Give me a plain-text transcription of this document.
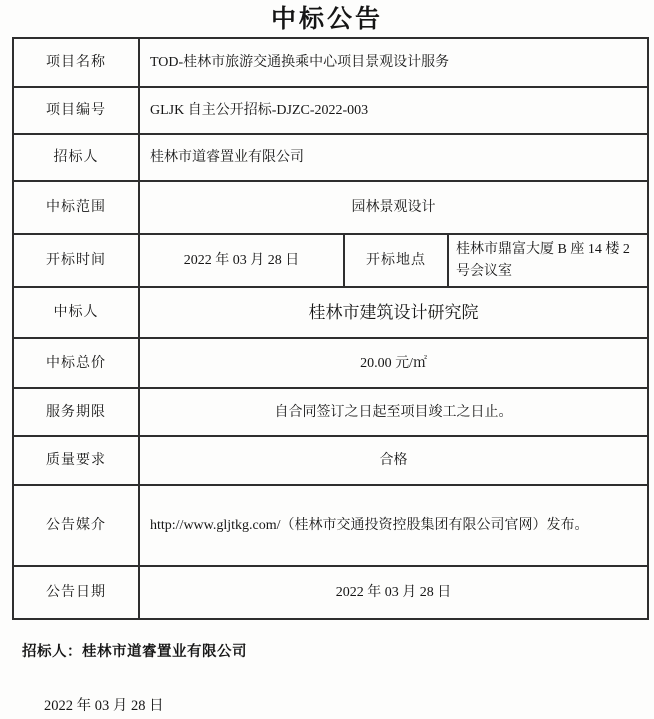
中标公告
项目名称	TOD-桂林市旅游交通换乘中心项目景观设计服务		
项目编号	GLJK 自主公开招标-DJZC-2022-003		
招标人	桂林市道睿置业有限公司		
中标范围	园林景观设计		
开标时间	2022 年 03 月 28 日	开标地点	桂林市鼎富大厦 B 座 14 楼 2 号会议室
中标人	桂林市建筑设计研究院		
中标总价	20.00 元/㎡		
服务期限	自合同签订之日起至项目竣工之日止。		
质量要求	合格		
公告媒介	http://www.gljtkg.com/（桂林市交通投资控股集团有限公司官网）发布。		
公告日期	2022 年 03 月 28 日		
招标人：桂林市道睿置业有限公司
2022 年 03 月 28 日
